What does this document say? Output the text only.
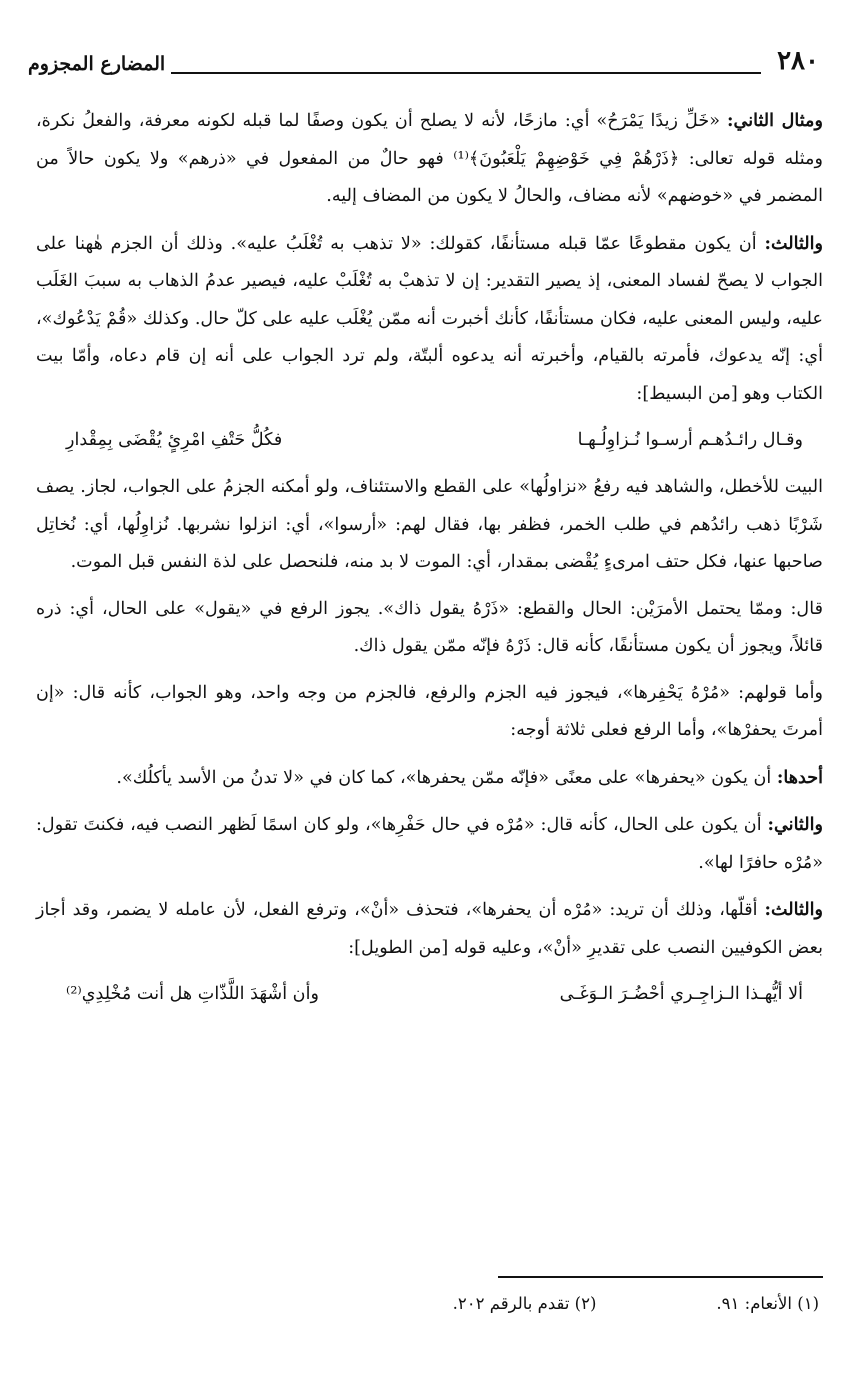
٢٨٠
المضارع المجزوم

ومثال الثاني: «خَلِّ زيدًا يَمْرَحُ» أي: مازحًا، لأنه لا يصلح أن يكون وصفًا لما قبله لكونه معرفة، والفعلُ نكرة، ومثله قوله تعالى: ﴿ذَرْهُمْ فِي خَوْضِهِمْ يَلْعَبُونَ﴾⁽¹⁾ فهو حالٌ من المفعول في «ذرهم» ولا يكون حالاً من المضمر في «خوضهم» لأنه مضاف، والحالُ لا يكون من المضاف إليه.

والثالث: أن يكون مقطوعًا عمّا قبله مستأنفًا، كقولك: «لا تذهب به تُغْلَبُ عليه». وذلك أن الجزم هٰهنا على الجواب لا يصحّ لفساد المعنى، إذ يصير التقدير: إن لا تذهبْ به تُغْلَبْ عليه، فيصير عدمُ الذهاب به سببَ الغَلَب عليه، وليس المعنى عليه، فكان مستأنفًا، كأنك أخبرت أنه ممّن يُغْلَب عليه على كلّ حال. وكذلك «قُمْ يَدْعُوك»، أي: إنّه يدعوك، فأمرته بالقيام، وأخبرته أنه يدعوه ألبتّة، ولم ترد الجواب على أنه إن قام دعاه، وأمّا بيت الكتاب وهو [من البسيط]:

وقـال رائـدُهـم أرسـوا نُـزاوِلُـهـا
فكُلُّ حَتْفِ امْرِئٍ يُقْضَى بِمِقْدارِ

البيت للأخطل، والشاهد فيه رفعُ «نزاولُها» على القطع والاستئناف، ولو أمكنه الجزمُ على الجواب، لجاز. يصف شَرْبًا ذهب رائدُهم في طلب الخمر، فظفر بها، فقال لهم: «أرسوا»، أي: انزلوا نشربها. نُزاوِلُها، أي: نُخاتِل صاحبها عنها، فكل حتف امرىءٍ يُقْضى بمقدار، أي: الموت لا بد منه، فلنحصل على لذة النفس قبل الموت.

قال: وممّا يحتمل الأمرَيْن: الحال والقطع: «ذَرْهُ يقول ذاك». يجوز الرفع في «يقول» على الحال، أي: ذره قائلاً، ويجوز أن يكون مستأنفًا، كأنه قال: ذَرْهُ فإنّه ممّن يقول ذاك.

وأما قولهم: «مُرْهُ يَحْفِرها»، فيجوز فيه الجزم والرفع، فالجزم من وجه واحد، وهو الجواب، كأنه قال: «إن أمرتَ يحفرْها»، وأما الرفع فعلى ثلاثة أوجه:

أحدها: أن يكون «يحفرها» على معنًى «فإنّه ممّن يحفرها»، كما كان في «لا تدنُ من الأسد يأكلُك».

والثاني: أن يكون على الحال، كأنه قال: «مُرْه في حال حَفْرِها»، ولو كان اسمًا لَظهر النصب فيه، فكنتَ تقول: «مُرْه حافرًا لها».

والثالث: أقلّها، وذلك أن تريد: «مُرْه أن يحفرها»، فتحذف «أنْ»، وترفع الفعل، لأن عامله لا يضمر، وقد أجاز بعض الكوفيين النصب على تقديرِ «أنْ»، وعليه قوله [من الطويل]:

ألا أيُّهـذا الـزاجِـري أحْضُـرَ الـوَغَـى
وأن أشْهَدَ اللَّذّاتِ هل أنت مُخْلِدِي⁽²⁾
(١) الأنعام: ٩١.
(٢) تقدم بالرقم ٢٠٢.
